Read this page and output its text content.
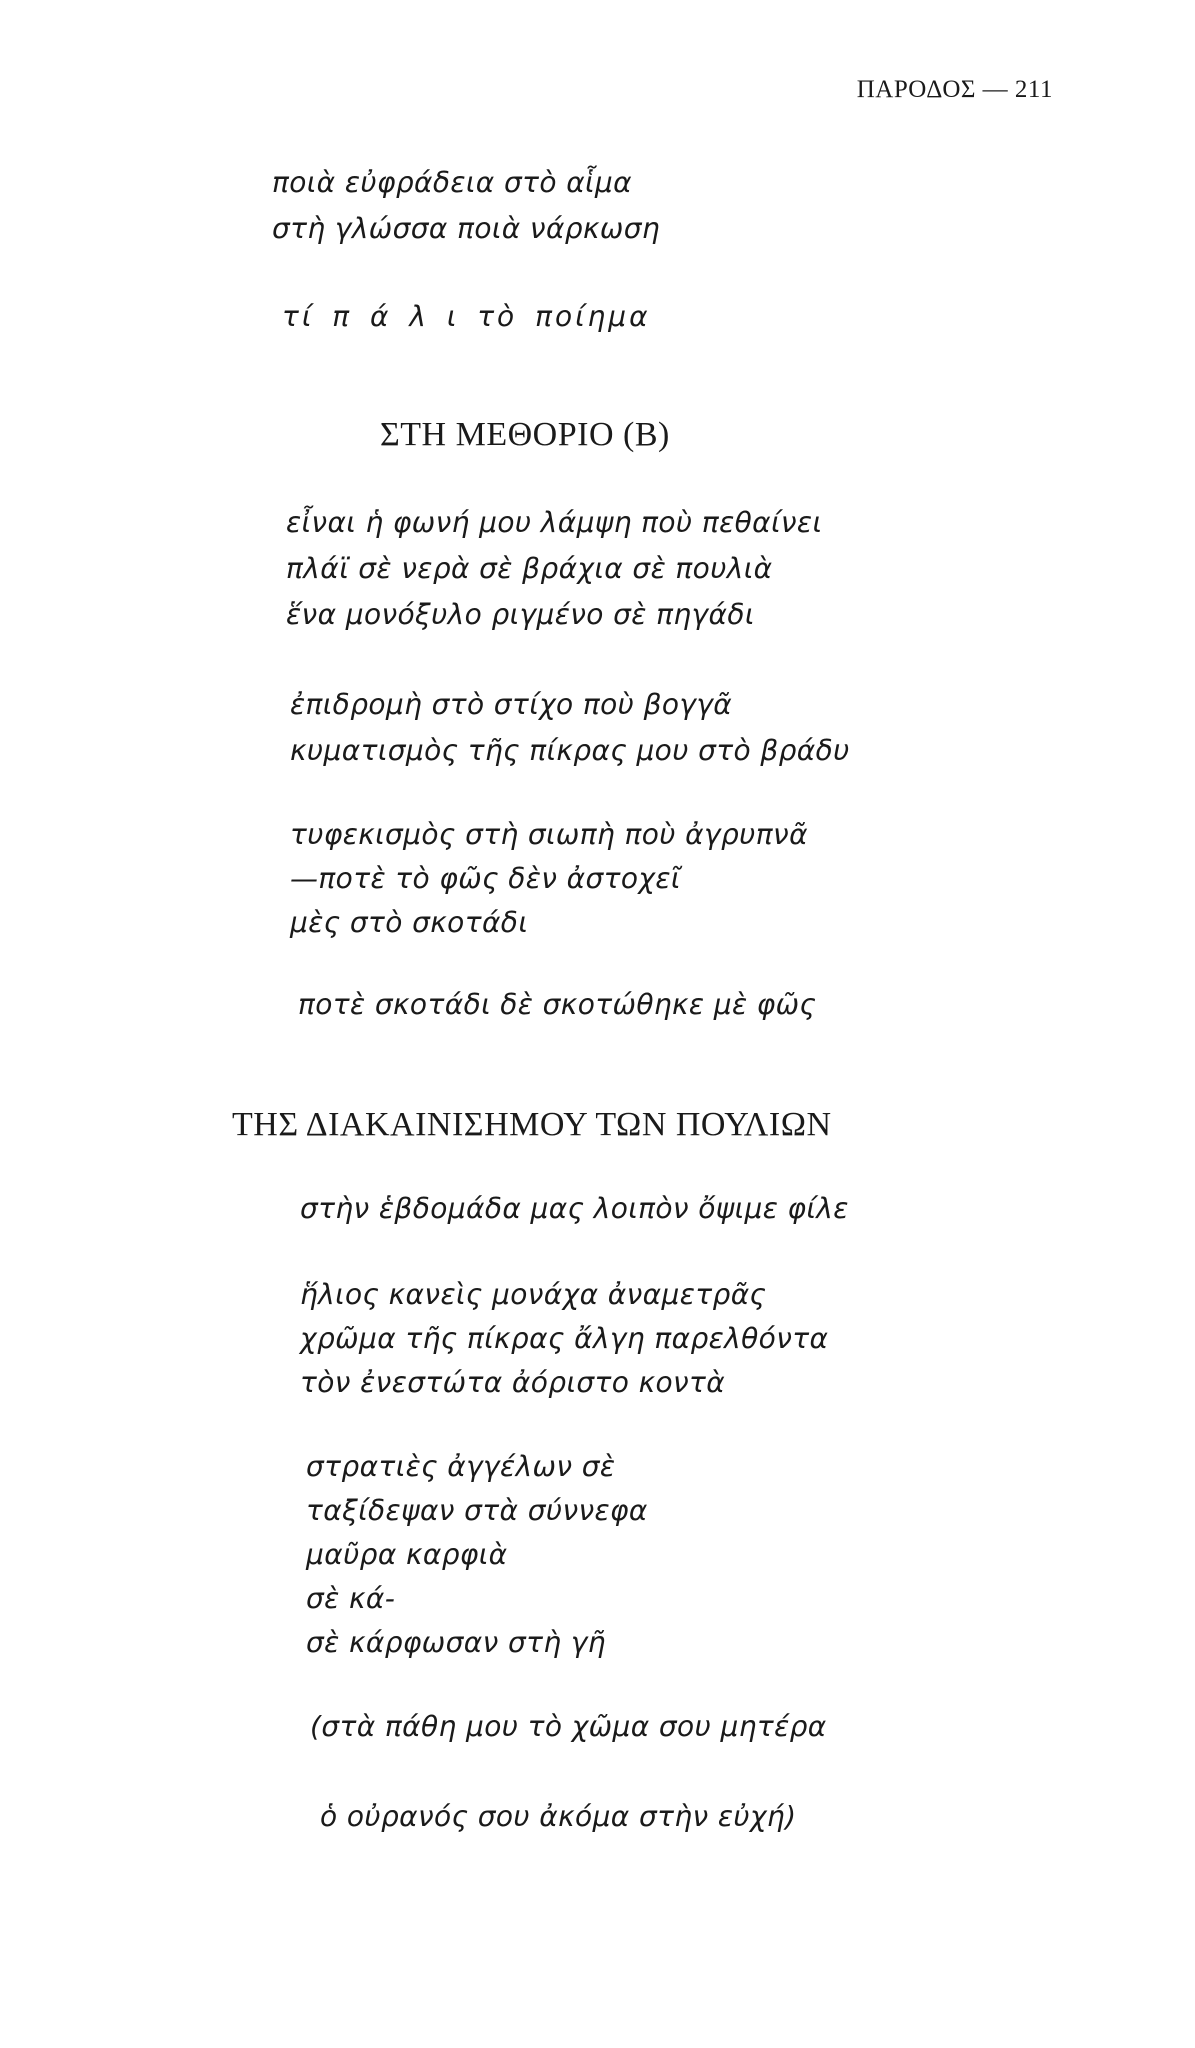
ΠΑΡΟΔΟΣ — 211
ποιὰ εὐφράδεια στὸ αἷμα
στὴ γλώσσα ποιὰ νάρκωση
τί π ά λ ι τὸ ποίημα
ΣΤΗ ΜΕΘΟΡΙΟ (Β)
εἶναι ἡ φωνή μου λάμψη ποὺ πεθαίνει
πλάϊ σὲ νερὰ σὲ βράχια σὲ πουλιὰ
ἕνα μονόξυλο ριγμένο σὲ πηγάδι
ἐπιδρομὴ στὸ στίχο ποὺ βογγᾶ
κυματισμὸς τῆς πίκρας μου στὸ βράδυ
τυφεκισμὸς στὴ σιωπὴ ποὺ ἀγρυπνᾶ
—ποτὲ τὸ φῶς δὲν ἀστοχεῖ
μὲς στὸ σκοτάδι
ποτὲ σκοτάδι δὲ σκοτώθηκε μὲ φῶς
ΤΗΣ ΔΙΑΚΑΙΝΙΣΗΜΟΥ ΤΩΝ ΠΟΥΛΙΩΝ
στὴν ἑβδομάδα μας λοιπὸν ὄψιμε φίλε
ἥλιος κανεὶς μονάχα ἀναμετρᾶς
χρῶμα τῆς πίκρας ἄλγη παρελθόντα
τὸν ἐνεστώτα ἀόριστο κοντὰ
στρατιὲς ἀγγέλων σὲ
ταξίδεψαν στὰ σύννεφα
μαῦρα καρφιὰ
σὲ κά-
σὲ κάρφωσαν στὴ γῆ
(στὰ πάθη μου τὸ χῶμα σου μητέρα
ὁ οὐρανός σου ἀκόμα στὴν εὐχή)
